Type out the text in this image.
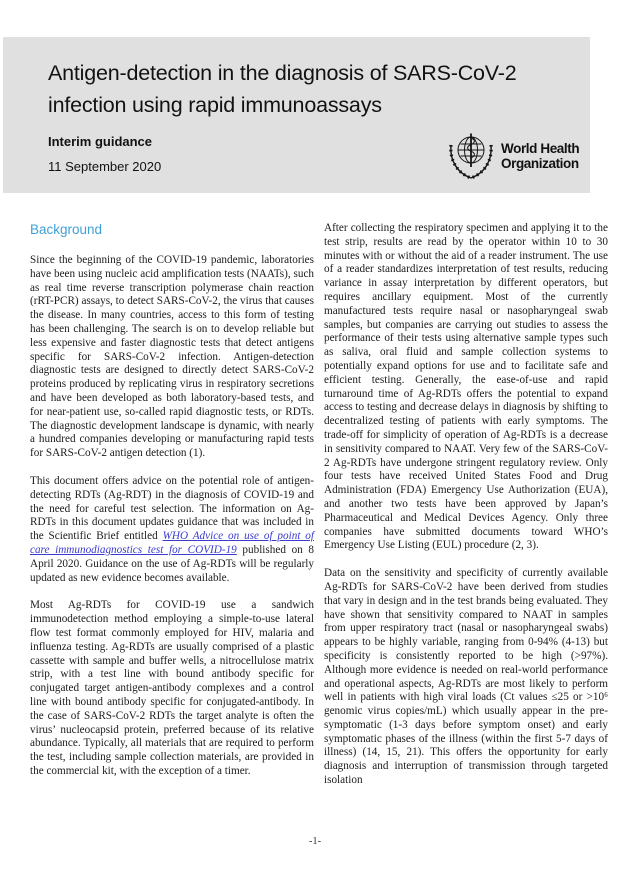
Antigen-detection in the diagnosis of SARS-CoV-2
infection using rapid immunoassays
Interim guidance
11 September 2020
World Health
Organization
Background

Since the beginning of the COVID-19 pandemic, laboratories have been using nucleic acid amplification tests (NAATs), such as real time reverse transcription polymerase chain reaction (rRT-PCR) assays, to detect SARS-CoV-2, the virus that causes the disease. In many countries, access to this form of testing has been challenging. The search is on to develop reliable but less expensive and faster diagnostic tests that detect antigens specific for SARS-CoV-2 infection. Antigen-detection diagnostic tests are designed to directly detect SARS-CoV-2 proteins produced by replicating virus in respiratory secretions and have been developed as both laboratory-based tests, and for near-patient use, so-called rapid diagnostic tests, or RDTs. The diagnostic development landscape is dynamic, with nearly a hundred companies developing or manufacturing rapid tests for SARS-CoV-2 antigen detection (1).

This document offers advice on the potential role of antigen-detecting RDTs (Ag-RDT) in the diagnosis of COVID-19 and the need for careful test selection. The information on Ag-RDTs in this document updates guidance that was included in the Scientific Brief entitled WHO Advice on use of point of care immunodiagnostics test for COVID-19 published on 8 April 2020. Guidance on the use of Ag-RDTs will be regularly updated as new evidence becomes available.

Most Ag-RDTs for COVID-19 use a sandwich immunodetection method employing a simple-to-use lateral flow test format commonly employed for HIV, malaria and influenza testing. Ag-RDTs are usually comprised of a plastic cassette with sample and buffer wells, a nitrocellulose matrix strip, with a test line with bound antibody specific for conjugated target antigen-antibody complexes and a control line with bound antibody specific for conjugated-antibody. In the case of SARS-CoV-2 RDTs the target analyte is often the virus’ nucleocapsid protein, preferred because of its relative abundance. Typically, all materials that are required to perform the test, including sample collection materials, are provided in the commercial kit, with the exception of a timer.

After collecting the respiratory specimen and applying it to the test strip, results are read by the operator within 10 to 30 minutes with or without the aid of a reader instrument. The use of a reader standardizes interpretation of test results, reducing variance in assay interpretation by different operators, but requires ancillary equipment. Most of the currently manufactured tests require nasal or nasopharyngeal swab samples, but companies are carrying out studies to assess the performance of their tests using alternative sample types such as saliva, oral fluid and sample collection systems to potentially expand options for use and to facilitate safe and efficient testing. Generally, the ease-of-use and rapid turnaround time of Ag-RDTs offers the potential to expand access to testing and decrease delays in diagnosis by shifting to decentralized testing of patients with early symptoms. The trade-off for simplicity of operation of Ag-RDTs is a decrease in sensitivity compared to NAAT. Very few of the SARS-CoV-2 Ag-RDTs have undergone stringent regulatory review. Only four tests have received United States Food and Drug Administration (FDA) Emergency Use Authorization (EUA), and another two tests have been approved by Japan’s Pharmaceutical and Medical Devices Agency. Only three companies have submitted documents toward WHO’s Emergency Use Listing (EUL) procedure (2, 3).

Data on the sensitivity and specificity of currently available Ag-RDTs for SARS-CoV-2 have been derived from studies that vary in design and in the test brands being evaluated. They have shown that sensitivity compared to NAAT in samples from upper respiratory tract (nasal or nasopharyngeal swabs) appears to be highly variable, ranging from 0-94% (4-13) but specificity is consistently reported to be high (>97%). Although more evidence is needed on real-world performance and operational aspects, Ag-RDTs are most likely to perform well in patients with high viral loads (Ct values ≤25 or >10⁶ genomic virus copies/mL) which usually appear in the pre-symptomatic (1-3 days before symptom onset) and early symptomatic phases of the illness (within the first 5-7 days of illness) (14, 15, 21). This offers the opportunity for early diagnosis and interruption of transmission through targeted isolation

-1-
